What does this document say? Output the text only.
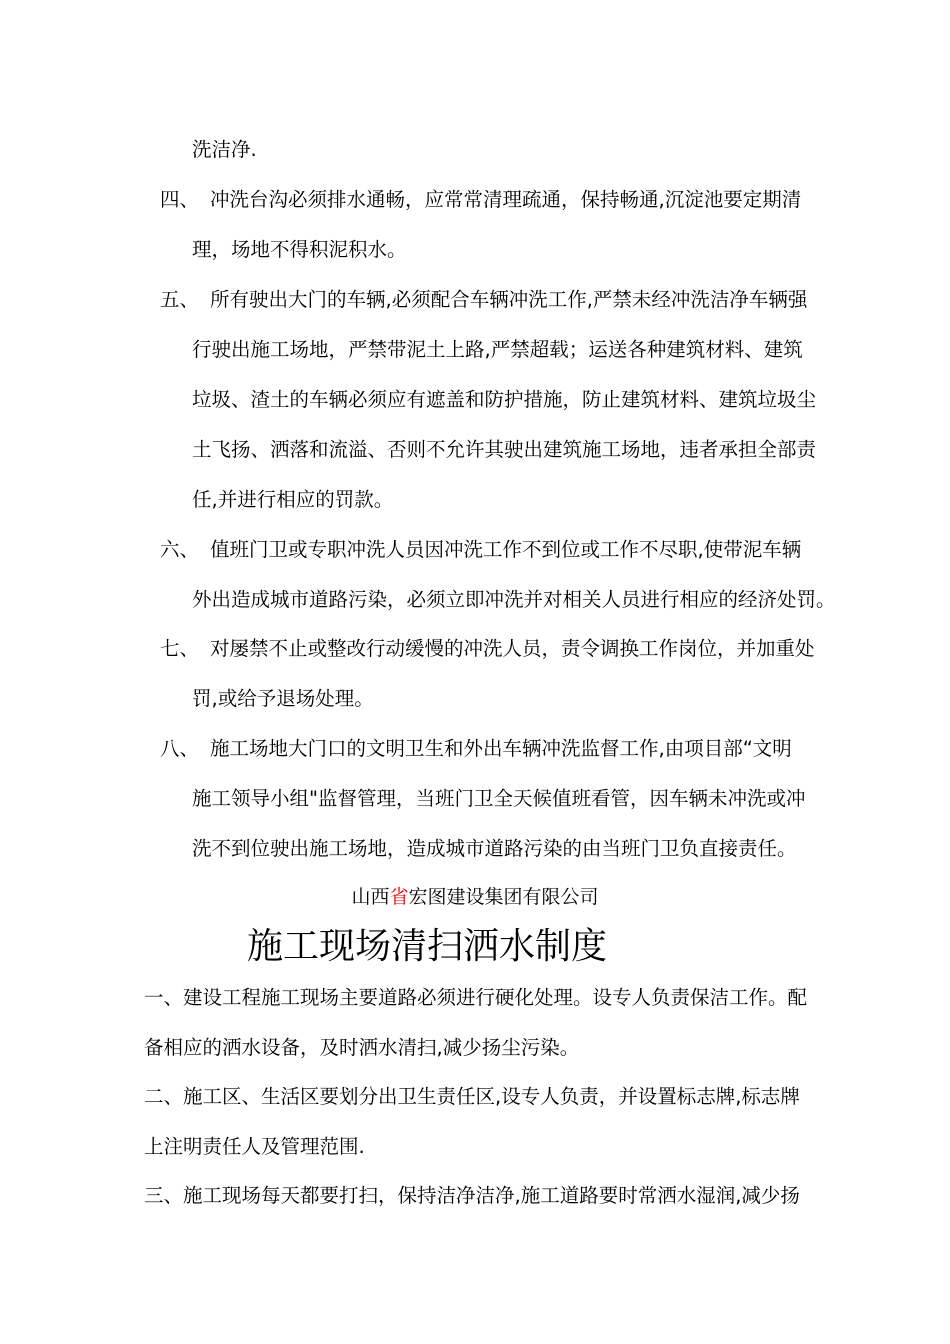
洗洁净.
四、 冲洗台沟必须排水通畅，应常常清理疏通，保持畅通,沉淀池要定期清
理，场地不得积泥积水。
五、 所有驶出大门的车辆,必须配合车辆冲洗工作,严禁未经冲洗洁净车辆强
行驶出施工场地，严禁带泥土上路,严禁超载；运送各种建筑材料、建筑
垃圾、渣土的车辆必须应有遮盖和防护措施，防止建筑材料、建筑垃圾尘
土飞扬、洒落和流溢、否则不允许其驶出建筑施工场地，违者承担全部责
任,并进行相应的罚款。
六、 值班门卫或专职冲洗人员因冲洗工作不到位或工作不尽职,使带泥车辆
外出造成城市道路污染，必须立即冲洗并对相关人员进行相应的经济处罚。
七、 对屡禁不止或整改行动缓慢的冲洗人员，责令调换工作岗位，并加重处
罚,或给予退场处理。
八、 施工场地大门口的文明卫生和外出车辆冲洗监督工作,由项目部“文明
施工领导小组"监督管理，当班门卫全天候值班看管，因车辆未冲洗或冲
洗不到位驶出施工场地，造成城市道路污染的由当班门卫负直接责任。
山西省宏图建设集团有限公司
施工现场清扫洒水制度
一、建设工程施工现场主要道路必须进行硬化处理。设专人负责保洁工作。配
备相应的洒水设备，及时洒水清扫,减少扬尘污染。
二、施工区、生活区要划分出卫生责任区,设专人负责，并设置标志牌,标志牌
上注明责任人及管理范围.
三、施工现场每天都要打扫，保持洁净洁净,施工道路要时常洒水湿润,减少扬
